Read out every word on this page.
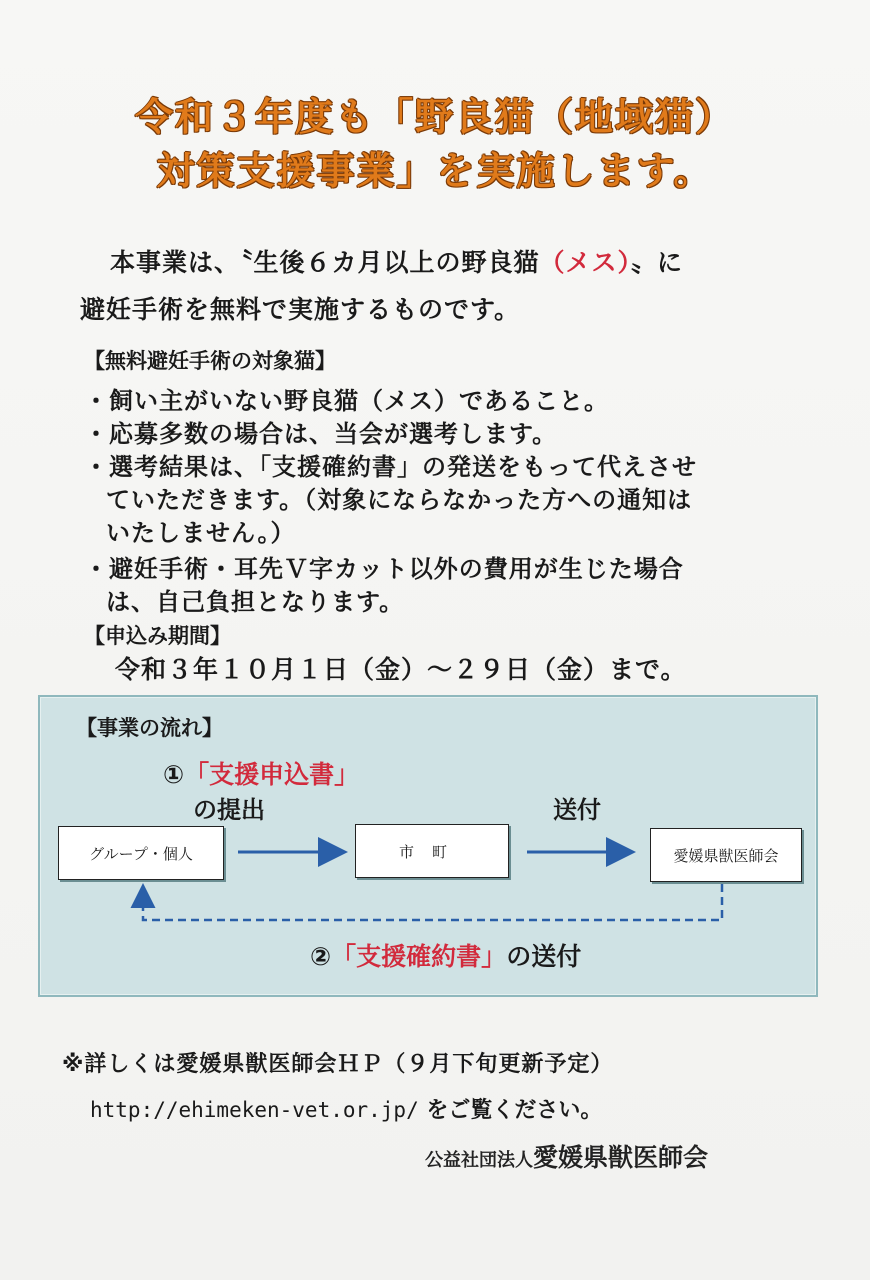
令和３年度も「野良猫（地域猫）
対策支援事業」を実施します。
本事業は、〝生後６カ月以上の野良猫（メス）〟に
避妊手術を無料で実施するものです。
【無料避妊手術の対象猫】
・飼い主がいない野良猫（メス）であること。
・応募多数の場合は、当会が選考します。
・選考結果は、「支援確約書」の発送をもって代えさせ
ていただきます。（対象にならなかった方への通知は
いたしません。）
・避妊手術・耳先Ｖ字カット以外の費用が生じた場合
は、自己負担となります。
【申込み期間】
令和３年１０月１日（金）～２９日（金）まで。
【事業の流れ】
①「支援申込書」
の提出	送付
グループ・個人	市町	愛媛県獣医師会
②「支援確約書」の送付
※詳しくは愛媛県獣医師会ＨＰ（９月下旬更新予定）
http://ehimeken-vet.or.jp/ をご覧ください。
公益社団法人愛媛県獣医師会
